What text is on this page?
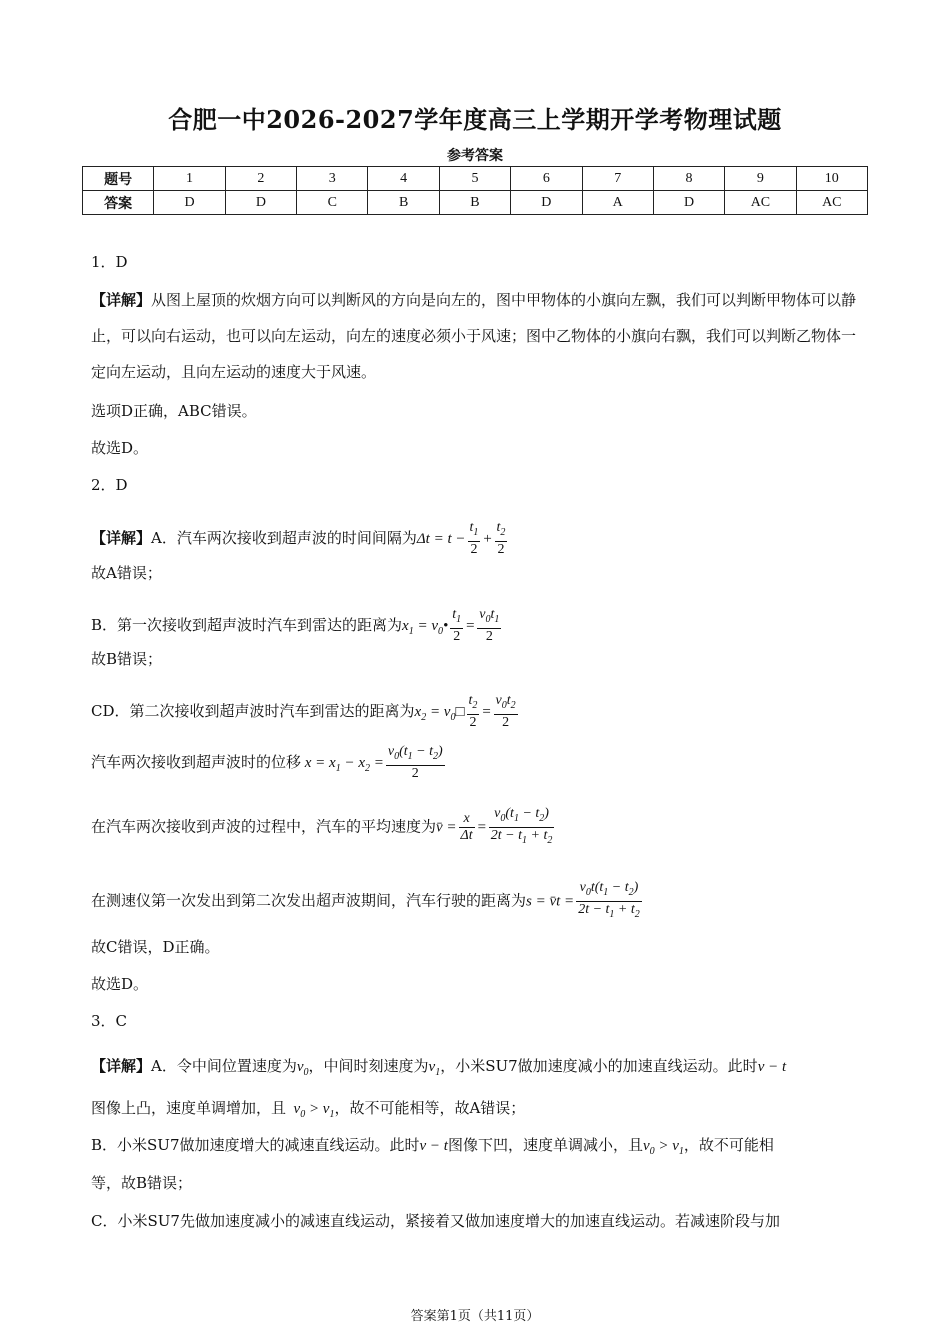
合肥一中2026-2027学年度高三上学期开学考物理试题
参考答案
题号	1	2	3	4	5	6	7	8	9	10
答案	D	D	C	B	B	D	A	D	AC	AC
1．D
【详解】从图上屋顶的炊烟方向可以判断风的方向是向左的，图中甲物体的小旗向左飘，我们可以判断甲物体可以静止，可以向右运动，也可以向左运动，向左的速度必须小于风速；图中乙物体的小旗向右飘，我们可以判断乙物体一定向左运动，且向左运动的速度大于风速。
选项D正确，ABC错误。
故选D。
2．D
【详解】A．汽车两次接收到超声波的时间间隔为$\Delta t = t - \frac{t_1}{2} + \frac{t_2}{2}$
故A错误；
B．第一次接收到超声波时汽车到雷达的距离为$x_1$ = $v_0• \frac{t_1}{2} = \frac{v_0t_1}{2}$
故B错误；
CD．第二次接收到超声波时汽车到雷达的距离为$x_2$ = $v_0□ \frac{t_2}{2} = \frac{v_0t_2}{2}$
汽车两次接收到超声波时的位移 $x = x_1 - x_2 = \frac{v_0(t_1 - t_2)}{2}$
在汽车两次接收到声波的过程中，汽车的平均速度为v̄ = $\frac{x}{\Delta t} = \frac{v_0(t_1 - t_2)}{2t - t_1 + t_2}$
在测速仪第一次发出到第二次发出超声波期间，汽车行驶的距离为s = v̄t = $\frac{v_0t(t_1 - t_2)}{2t - t_1 + t_2}$
故C错误，D正确。
故选D。
3．C
【详解】A．令中间位置速度为$v_0$，中间时刻速度为$v_1$，小米SU7做加速度减小的加速直线运动。此时v − t
图像上凸，速度单调增加，且  $v_0 > v_1$，故不可能相等，故A错误；
B．小米SU7做加速度增大的减速直线运动。此时v − t图像下凹，速度单调减小，且$v_0 > v_1$，故不可能相
等，故B错误；
C．小米SU7先做加速度减小的减速直线运动，紧接着又做加速度增大的加速直线运动。若减速阶段与加
答案第1页（共11页）
